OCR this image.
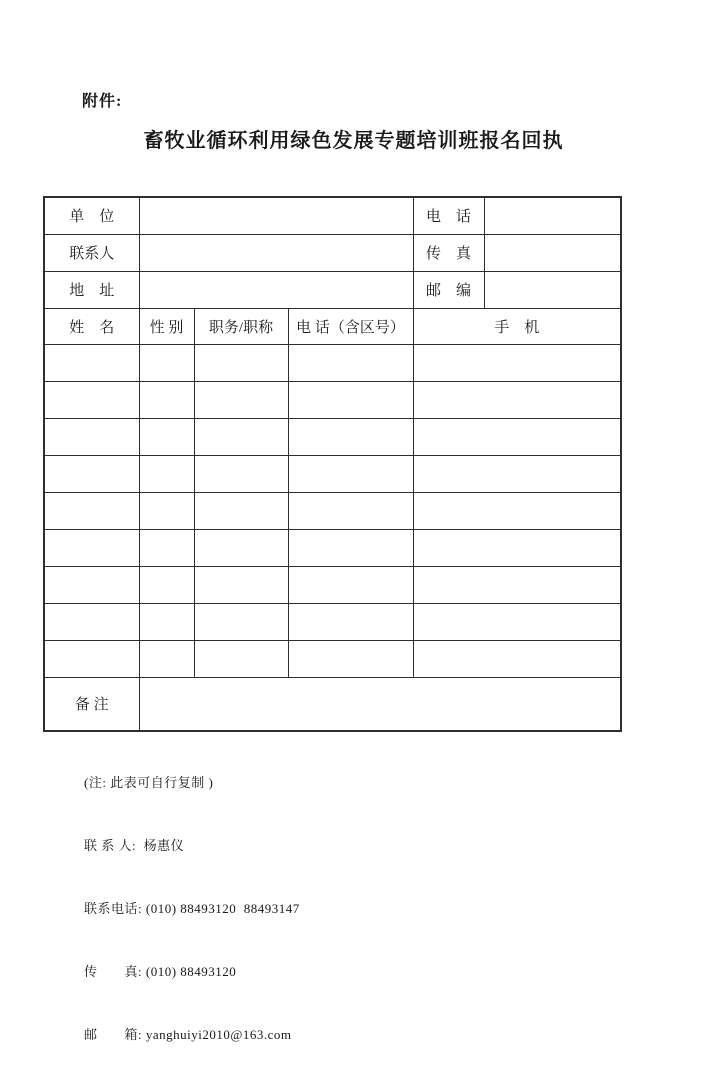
附件:
畜牧业循环利用绿色发展专题培训班报名回执
单　位				电　话	
联系人				传　真	
地　址				邮　编	
姓　名	性 别	职务/职称	电 话（含区号）	手　机	

备 注					

(注: 此表可自行复制 )

联 系 人:  杨惠仪

联系电话: (010) 88493120  88493147

传　　真: (010) 88493120

邮　　箱: yanghuiyi2010@163.com
